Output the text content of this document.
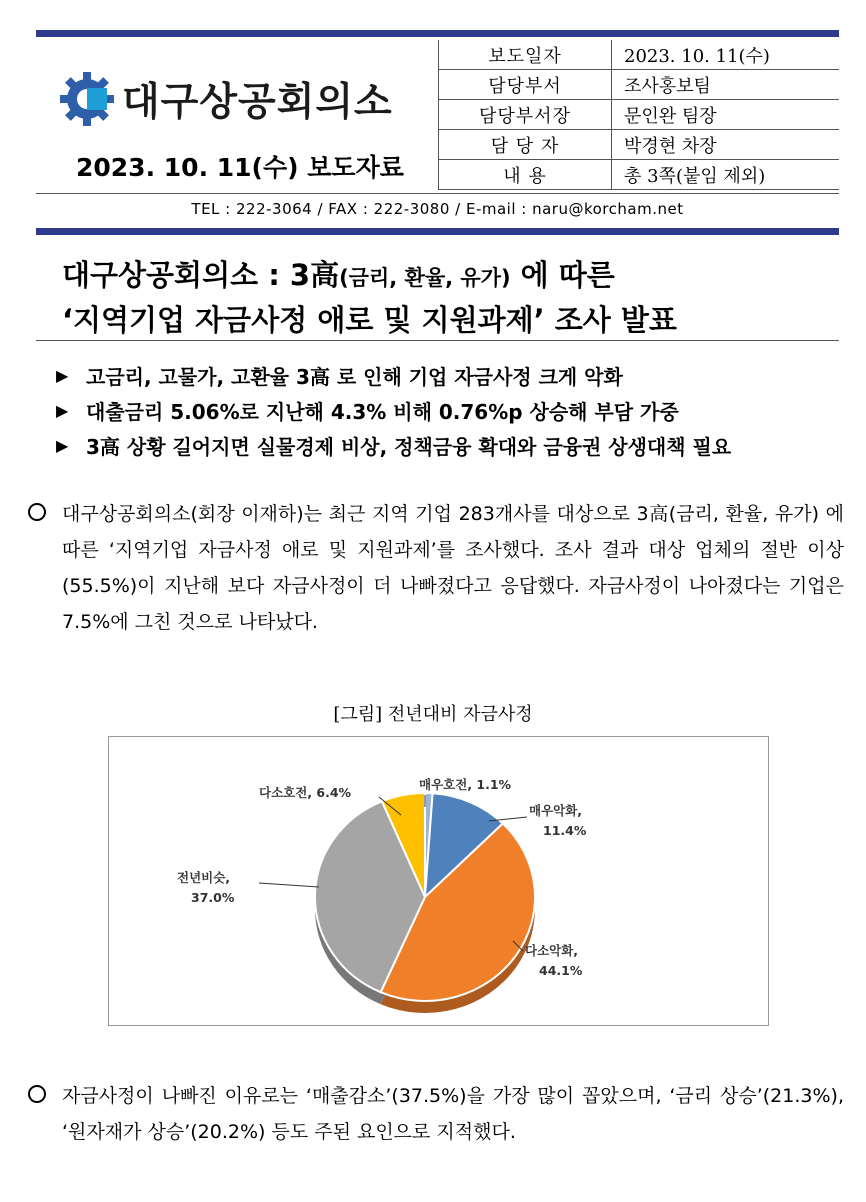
대구상공회의소
2023. 10. 11(수) 보도자료
보도일자	2023. 10. 11(수)
담당부서	조사홍보팀
담당부서장	문인완 팀장
담 당 자	박경현 차장
내 용	총 3쪽(붙임 제외)
TEL : 222-3064 / FAX : 222-3080 / E-mail : naru@korcham.net
대구상공회의소 : 3高(금리, 환율, 유가) 에 따른
‘지역기업 자금사정 애로 및 지원과제’ 조사 발표
▶ 고금리, 고물가, 고환율 3高 로 인해 기업 자금사정 크게 악화
▶ 대출금리 5.06%로 지난해 4.3% 비해 0.76%p 상승해 부담 가중
▶ 3高 상황 길어지면 실물경제 비상, 정책금융 확대와 금융권 상생대책 필요
대구상공회의소(회장 이재하)는 최근 지역 기업 283개사를 대상으로 3高(금리, 환율, 유가) 에 따른 ‘지역기업 자금사정 애로 및 지원과제’를 조사했다. 조사 결과 대상 업체의 절반 이상(55.5%)이 지난해 보다 자금사정이 더 나빠졌다고 응답했다. 자금사정이 나아졌다는 기업은 7.5%에 그친 것으로 나타났다.
[그림] 전년대비 자금사정
매우호전, 1.1%
매우악화, 11.4%
다소악화, 44.1%
전년비슷, 37.0%
다소호전, 6.4%
자금사정이 나빠진 이유로는 ‘매출감소’(37.5%)을 가장 많이 꼽았으며, ‘금리 상승’(21.3%), ‘원자재가 상승’(20.2%) 등도 주된 요인으로 지적했다.
